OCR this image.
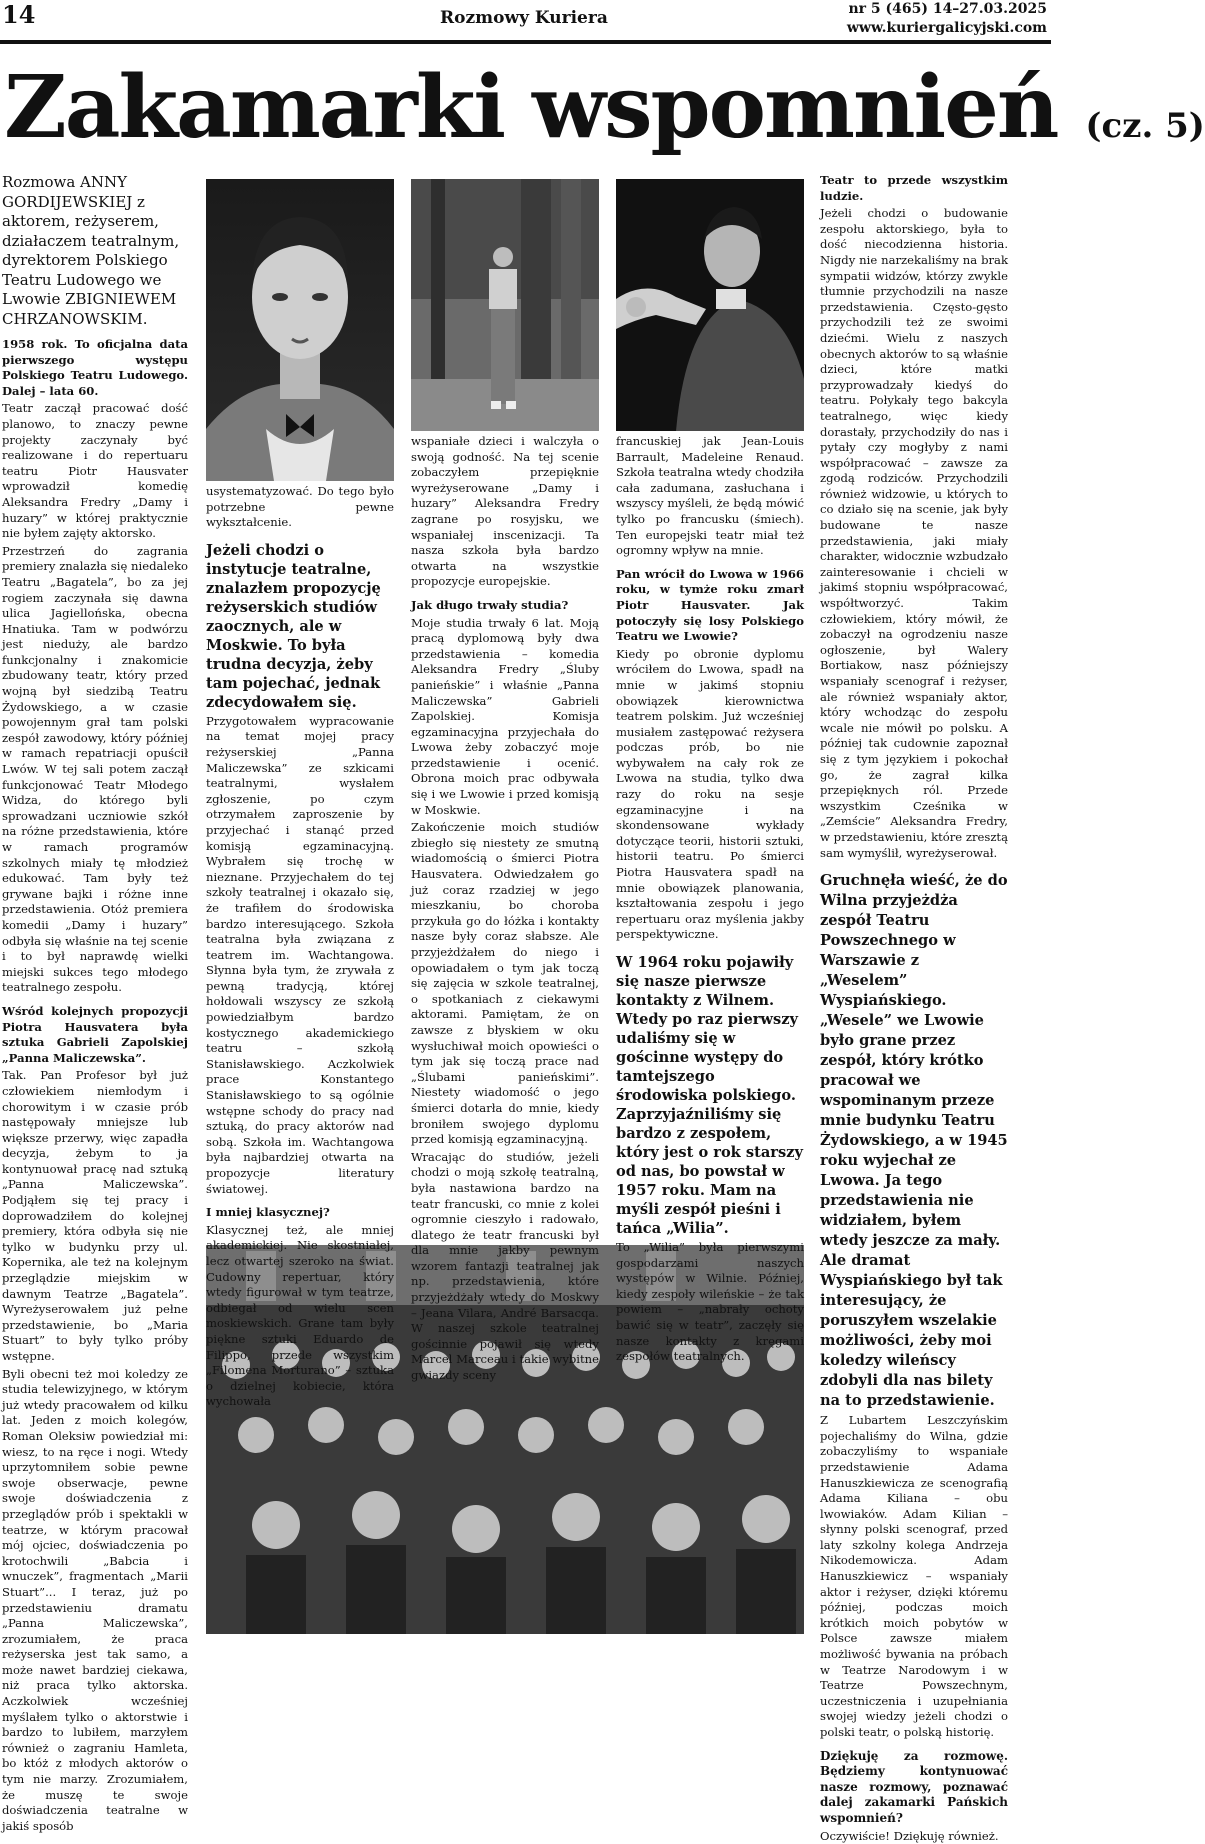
14	Rozmowy Kuriera	nr 5 (465) 14–27.03.2025
www.kuriergalicyjski.com
Zakamarki wspomnień (cz. 5)

Rozmowa ANNY GORDIJEWSKIEJ z aktorem, reżyserem, działaczem teatralnym, dyrektorem Polskiego Teatru Ludowego we Lwowie ZBIGNIEWEM CHRZANOWSKIM.

1958 rok. To oficjalna data pierwszego występu Polskiego Teatru Ludowego. Dalej – lata 60.

Teatr zaczął pracować dość planowo, to znaczy pewne projekty zaczynały być realizowane i do repertuaru teatru Piotr Hausvater wprowadził komedię Aleksandra Fredry „Damy i huzary” w której praktycznie nie byłem zajęty aktorsko.

Przestrzeń do zagrania premiery znalazła się niedaleko Teatru „Bagatela”, bo za jej rogiem zaczynała się dawna ulica Jagiellońska, obecna Hnatiuka. Tam w podwórzu jest nieduży, ale bardzo funkcjonalny i znakomicie zbudowany teatr, który przed wojną był siedzibą Teatru Żydowskiego, a w czasie powojennym grał tam polski zespół zawodowy, który później w ramach repatriacji opuścił Lwów. W tej sali potem zaczął funkcjonować Teatr Młodego Widza, do którego byli sprowadzani uczniowie szkół na różne przedstawienia, które w ramach programów szkolnych miały tę młodzież edukować. Tam były też grywane bajki i różne inne przedstawienia. Otóż premiera komedii „Damy i huzary” odbyła się właśnie na tej scenie i to był naprawdę wielki miejski sukces tego młodego teatralnego zespołu.

Wśród kolejnych propozycji Piotra Hausvatera była sztuka Gabrieli Zapolskiej „Panna Maliczewska”.

Tak. Pan Profesor był już człowiekiem niemłodym i chorowitym i w czasie prób następowały mniejsze lub większe przerwy, więc zapadła decyzja, żebym to ja kontynuował pracę nad sztuką „Panna Maliczewska”. Podjąłem się tej pracy i doprowadziłem do kolejnej premiery, która odbyła się nie tylko w budynku przy ul. Kopernika, ale też na kolejnym przeglądzie miejskim w dawnym Teatrze „Bagatela”. Wyreżyserowałem już pełne przedstawienie, bo „Maria Stuart” to były tylko próby wstępne.

Byli obecni też moi koledzy ze studia telewizyjnego, w którym już wtedy pracowałem od kilku lat. Jeden z moich kolegów, Roman Oleksiw powiedział mi: wiesz, to na ręce i nogi. Wtedy uprzytomniłem sobie pewne swoje obserwacje, pewne swoje doświadczenia z przeglądów prób i spektakli w teatrze, w którym pracował mój ojciec, doświadczenia po krotochwili „Babcia i wnuczek”, fragmentach „Marii Stuart”... I teraz, już po przedstawieniu dramatu „Panna Maliczewska”, zrozumiałem, że praca reżyserska jest tak samo, a może nawet bardziej ciekawa, niż praca tylko aktorska. Aczkolwiek wcześniej myślałem tylko o aktorstwie i bardzo to lubiłem, marzyłem również o zagraniu Hamleta, bo któż z młodych aktorów o tym nie marzy. Zrozumiałem, że muszę te swoje doświadczenia teatralne w jakiś sposób

usystematyzować. Do tego było potrzebne pewne wykształcenie.

Jeżeli chodzi o instytucje teatralne, znalazłem propozycję reżyserskich studiów zaocznych, ale w Moskwie. To była trudna decyzja, żeby tam pojechać, jednak zdecydowałem się.

Przygotowałem wypracowanie na temat mojej pracy reżyserskiej „Panna Maliczewska” ze szkicami teatralnymi, wysłałem zgłoszenie, po czym otrzymałem zaproszenie by przyjechać i stanąć przed komisją egzaminacyjną. Wybrałem się trochę w nieznane. Przyjechałem do tej szkoły teatralnej i okazało się, że trafiłem do środowiska bardzo interesującego. Szkoła teatralna była związana z teatrem im. Wachtangowa. Słynna była tym, że zrywała z pewną tradycją, której hołdowali wszyscy ze szkołą powiedziałbym bardzo kostycznego akademickiego teatru – szkołą Stanisławskiego. Aczkolwiek prace Konstantego Stanisławskiego to są ogólnie wstępne schody do pracy nad sztuką, do pracy aktorów nad sobą. Szkoła im. Wachtangowa była najbardziej otwarta na propozycje literatury światowej.

I mniej klasycznej?

Klasycznej też, ale mniej akademickiej. Nie skostniałej, lecz otwartej szeroko na świat. Cudowny repertuar, który wtedy figurował w tym teatrze, odbiegał od wielu scen moskiewskich. Grane tam były piękne sztuki Eduardo de Filippo, przede wszystkim „Filomena Morturano” – sztuka o dzielnej kobiecie, która wychowała

wspaniałe dzieci i walczyła o swoją godność. Na tej scenie zobaczyłem przepięknie wyreżyserowane „Damy i huzary” Aleksandra Fredry zagrane po rosyjsku, we wspaniałej inscenizacji. Ta nasza szkoła była bardzo otwarta na wszystkie propozycje europejskie.

Jak długo trwały studia?

Moje studia trwały 6 lat. Moją pracą dyplomową były dwa przedstawienia – komedia Aleksandra Fredry „Śluby panieńskie” i właśnie „Panna Maliczewska” Gabrieli Zapolskiej. Komisja egzaminacyjna przyjechała do Lwowa żeby zobaczyć moje przedstawienie i ocenić. Obrona moich prac odbywała się i we Lwowie i przed komisją w Moskwie.

Zakończenie moich studiów zbiegło się niestety ze smutną wiadomością o śmierci Piotra Hausvatera. Odwiedzałem go już coraz rzadziej w jego mieszkaniu, bo choroba przykuła go do łóżka i kontakty nasze były coraz słabsze. Ale przyjeżdżałem do niego i opowiadałem o tym jak toczą się zajęcia w szkole teatralnej, o spotkaniach z ciekawymi aktorami. Pamiętam, że on zawsze z błyskiem w oku wysłuchiwał moich opowieści o tym jak się toczą prace nad „Ślubami panieńskimi”. Niestety wiadomość o jego śmierci dotarła do mnie, kiedy broniłem swojego dyplomu przed komisją egzaminacyjną.

Wracając do studiów, jeżeli chodzi o moją szkołę teatralną, była nastawiona bardzo na teatr francuski, co mnie z kolei ogromnie cieszyło i radowało, dlatego że teatr francuski był dla mnie jakby pewnym wzorem fantazji teatralnej jak np. przedstawienia, które przyjeżdżały wtedy do Moskwy – Jeana Vilara, André Barsacqa. W naszej szkole teatralnej gościnnie pojawił się wtedy Marcel Marceau i takie wybitne gwiazdy sceny

francuskiej jak Jean-Louis Barrault, Madeleine Renaud. Szkoła teatralna wtedy chodziła cała zadumana, zasłuchana i wszyscy myśleli, że będą mówić tylko po francusku (śmiech). Ten europejski teatr miał też ogromny wpływ na mnie.

Pan wrócił do Lwowa w 1966 roku, w tymże roku zmarł Piotr Hausvater. Jak potoczyły się losy Polskiego Teatru we Lwowie?

Kiedy po obronie dyplomu wróciłem do Lwowa, spadł na mnie w jakimś stopniu obowiązek kierownictwa teatrem polskim. Już wcześniej musiałem zastępować reżysera podczas prób, bo nie wybywałem na cały rok ze Lwowa na studia, tylko dwa razy do roku na sesje egzaminacyjne i na skondensowane wykłady dotyczące teorii, historii sztuki, historii teatru. Po śmierci Piotra Hausvatera spadł na mnie obowiązek planowania, kształtowania zespołu i jego repertuaru oraz myślenia jakby perspektywiczne.

W 1964 roku pojawiły się nasze pierwsze kontakty z Wilnem. Wtedy po raz pierwszy udaliśmy się w gościnne występy do tamtejszego środowiska polskiego. Zaprzyjaźniliśmy się bardzo z zespołem, który jest o rok starszy od nas, bo powstał w 1957 roku. Mam na myśli zespół pieśni i tańca „Wilia”.

To „Wilia” była pierwszymi gospodarzami naszych występów w Wilnie. Później, kiedy zespoły wileńskie – że tak powiem – „nabrały ochoty bawić się w teatr”, zaczęły się nasze kontakty z kręgami zespołów teatralnych.

Teatr to przede wszystkim ludzie.

Jeżeli chodzi o budowanie zespołu aktorskiego, była to dość niecodzienna historia. Nigdy nie narzekaliśmy na brak sympatii widzów, którzy zwykle tłumnie przychodzili na nasze przedstawienia. Często-gęsto przychodzili też ze swoimi dziećmi. Wielu z naszych obecnych aktorów to są właśnie dzieci, które matki przyprowadzały kiedyś do teatru. Połykały tego bakcyla teatralnego, więc kiedy dorastały, przychodziły do nas i pytały czy mogłyby z nami współpracować – zawsze za zgodą rodziców. Przychodzili również widzowie, u których to co działo się na scenie, jak były budowane te nasze przedstawienia, jaki miały charakter, widocznie wzbudzało zainteresowanie i chcieli w jakimś stopniu współpracować, współtworzyć. Takim człowiekiem, który mówił, że zobaczył na ogrodzeniu nasze ogłoszenie, był Walery Bortiakow, nasz późniejszy wspaniały scenograf i reżyser, ale również wspaniały aktor, który wchodząc do zespołu wcale nie mówił po polsku. A później tak cudownie zapoznał się z tym językiem i pokochał go, że zagrał kilka przepięknych ról. Przede wszystkim Cześnika w „Zemście” Aleksandra Fredry, w przedstawieniu, które zresztą sam wymyślił, wyreżyserował.

Gruchnęła wieść, że do Wilna przyjeżdża zespół Teatru Powszechnego w Warszawie z „Weselem” Wyspiańskiego. „Wesele” we Lwowie było grane przez zespół, który krótko pracował we wspominanym przeze mnie budynku Teatru Żydowskiego, a w 1945 roku wyjechał ze Lwowa. Ja tego przedstawienia nie widziałem, byłem wtedy jeszcze za mały. Ale dramat Wyspiańskiego był tak interesujący, że poruszyłem wszelakie możliwości, żeby moi koledzy wileńscy zdobyli dla nas bilety na to przedstawienie.

Z Lubartem Leszczyńskim pojechaliśmy do Wilna, gdzie zobaczyliśmy to wspaniałe przedstawienie Adama Hanuszkiewicza ze scenografią Adama Kiliana – obu lwowiaków. Adam Kilian – słynny polski scenograf, przed laty szkolny kolega Andrzeja Nikodemowicza. Adam Hanuszkiewicz – wspaniały aktor i reżyser, dzięki któremu później, podczas moich krótkich moich pobytów w Polsce zawsze miałem możliwość bywania na próbach w Teatrze Narodowym i w Teatrze Powszechnym, uczestniczenia i uzupełniania swojej wiedzy jeżeli chodzi o polski teatr, o polską historię.

Dziękuję za rozmowę. Będziemy kontynuować nasze rozmowy, poznawać dalej zakamarki Pańskich wspomnień?

Oczywiście! Dziękuję również.
